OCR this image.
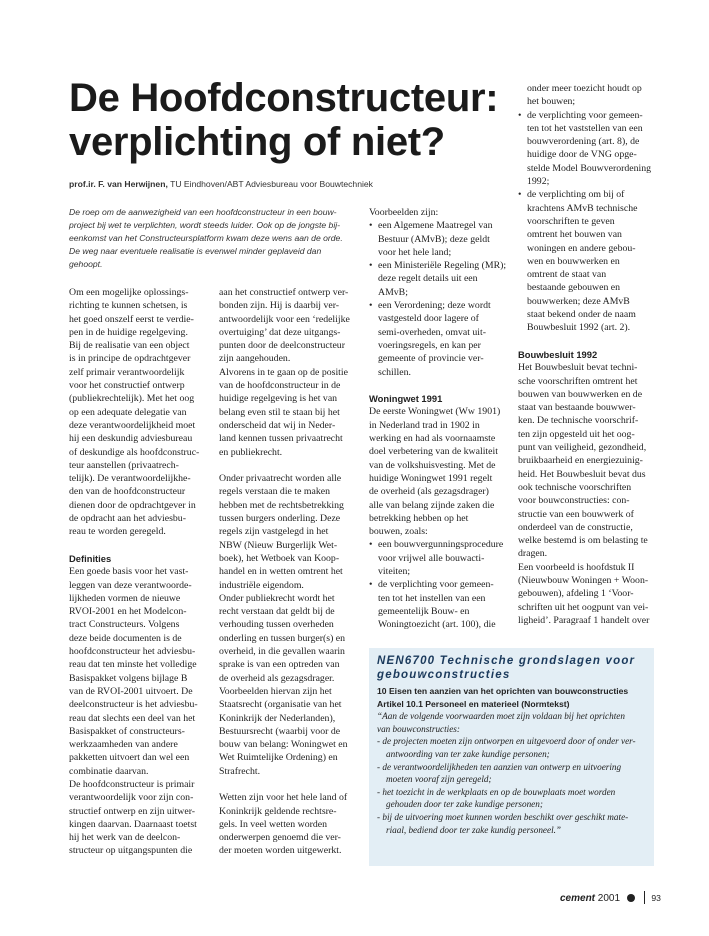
De Hoofdconstructeur:
verplichting of niet?
prof.ir. F. van Herwijnen, TU Eindhoven/ABT Adviesbureau voor Bouwtechniek
De roep om de aanwezigheid van een hoofdconstructeur in een bouw-
project bij wet te verplichten, wordt steeds luider. Ook op de jongste bij-
eenkomst van het Constructeursplatform kwam deze wens aan de orde.
De weg naar eventuele realisatie is evenwel minder geplaveid dan
gehoopt.
Om een mogelijke oplossings-
richting te kunnen schetsen, is
het goed onszelf eerst te verdie-
pen in de huidige regelgeving.
Bij de realisatie van een object
is in principe de opdrachtgever
zelf primair verantwoordelijk
voor het constructief ontwerp
(publiekrechtelijk). Met het oog
op een adequate delegatie van
deze verantwoordelijkheid moet
hij een deskundig adviesbureau
of deskundige als hoofdconstruc-
teur aanstellen (privaatrech-
telijk). De verantwoordelijkhe-
den van de hoofdconstructeur
dienen door de opdrachtgever in
de opdracht aan het adviesbu-
reau te worden geregeld.
Definities
Een goede basis voor het vast-
leggen van deze verantwoorde-
lijkheden vormen de nieuwe
RVOI-2001 en het Modelcon-
tract Constructeurs. Volgens
deze beide documenten is de
hoofdconstructeur het adviesbu-
reau dat ten minste het volledige
Basispakket volgens bijlage B
van de RVOI-2001 uitvoert. De
deelconstructeur is het adviesbu-
reau dat slechts een deel van het
Basispakket of constructeurs-
werkzaamheden van andere
pakketten uitvoert dan wel een
combinatie daarvan.
De hoofdconstructeur is primair
verantwoordelijk voor zijn con-
structief ontwerp en zijn uitwer-
kingen daarvan. Daarnaast toetst
hij het werk van de deelcon-
structeur op uitgangspunten die
aan het constructief ontwerp ver-
bonden zijn. Hij is daarbij ver-
antwoordelijk voor een ‘redelijke
overtuiging’ dat deze uitgangs-
punten door de deelconstructeur
zijn aangehouden.
Alvorens in te gaan op de positie
van de hoofdconstructeur in de
huidige regelgeving is het van
belang even stil te staan bij het
onderscheid dat wij in Neder-
land kennen tussen privaatrecht
en publiekrecht.
Onder privaatrecht worden alle
regels verstaan die te maken
hebben met de rechtsbetrekking
tussen burgers onderling. Deze
regels zijn vastgelegd in het
NBW (Nieuw Burgerlijk Wet-
boek), het Wetboek van Koop-
handel en in wetten omtrent het
industriële eigendom.
Onder publiekrecht wordt het
recht verstaan dat geldt bij de
verhouding tussen overheden
onderling en tussen burger(s) en
overheid, in die gevallen waarin
sprake is van een optreden van
de overheid als gezagsdrager.
Voorbeelden hiervan zijn het
Staatsrecht (organisatie van het
Koninkrijk der Nederlanden),
Bestuursrecht (waarbij voor de
bouw van belang: Woningwet en
Wet Ruimtelijke Ordening) en
Strafrecht.
Wetten zijn voor het hele land of
Koninkrijk geldende rechtsre-
gels. In veel wetten worden
onderwerpen genoemd die ver-
der moeten worden uitgewerkt.
Voorbeelden zijn:
• een Algemene Maatregel van
Bestuur (AMvB); deze geldt
voor het hele land;
• een Ministeriële Regeling (MR);
deze regelt details uit een
AMvB;
• een Verordening; deze wordt
vastgesteld door lagere of
semi-overheden, omvat uit-
voeringsregels, en kan per
gemeente of provincie ver-
schillen.
Woningwet 1991
De eerste Woningwet (Ww 1901)
in Nederland trad in 1902 in
werking en had als voornaamste
doel verbetering van de kwaliteit
van de volkshuisvesting. Met de
huidige Woningwet 1991 regelt
de overheid (als gezagsdrager)
alle van belang zijnde zaken die
betrekking hebben op het
bouwen, zoals:
• een bouwvergunningsprocedure
voor vrijwel alle bouwacti-
viteiten;
• de verplichting voor gemeen-
ten tot het instellen van een
gemeentelijk Bouw- en
Woningtoezicht (art. 100), die
onder meer toezicht houdt op
het bouwen;
• de verplichting voor gemeen-
ten tot het vaststellen van een
bouwverordening (art. 8), de
huidige door de VNG opge-
stelde Model Bouwverordening
1992;
• de verplichting om bij of
krachtens AMvB technische
voorschriften te geven
omtrent het bouwen van
woningen en andere gebou-
wen en bouwwerken en
omtrent de staat van
bestaande gebouwen en
bouwwerken; deze AMvB
staat bekend onder de naam
Bouwbesluit 1992 (art. 2).
Bouwbesluit 1992
Het Bouwbesluit bevat techni-
sche voorschriften omtrent het
bouwen van bouwwerken en de
staat van bestaande bouwwer-
ken. De technische voorschrif-
ten zijn opgesteld uit het oog-
punt van veiligheid, gezondheid,
bruikbaarheid en energiezuinig-
heid. Het Bouwbesluit bevat dus
ook technische voorschriften
voor bouwconstructies: con-
structie van een bouwwerk of
onderdeel van de constructie,
welke bestemd is om belasting te
dragen.
Een voorbeeld is hoofdstuk II
(Nieuwbouw Woningen + Woon-
gebouwen), afdeling 1 ‘Voor-
schriften uit het oogpunt van vei-
ligheid’. Paragraaf 1 handelt over
NEN6700 Technische grondslagen voor
gebouwconstructies
10 Eisen ten aanzien van het oprichten van bouwconstructies
Artikel 10.1 Personeel en materieel (Normtekst)
“Aan de volgende voorwaarden moet zijn voldaan bij het oprichten
van bouwconstructies:
- de projecten moeten zijn ontworpen en uitgevoerd door of onder ver-
antwoording van ter zake kundige personen;
- de verantwoordelijkheden ten aanzien van ontwerp en uitvoering
moeten vooraf zijn geregeld;
- het toezicht in de werkplaats en op de bouwplaats moet worden
gehouden door ter zake kundige personen;
- bij de uitvoering moet kunnen worden beschikt over geschikt mate-
riaal, bediend door ter zake kundig personeel.”
cement 2001	93
